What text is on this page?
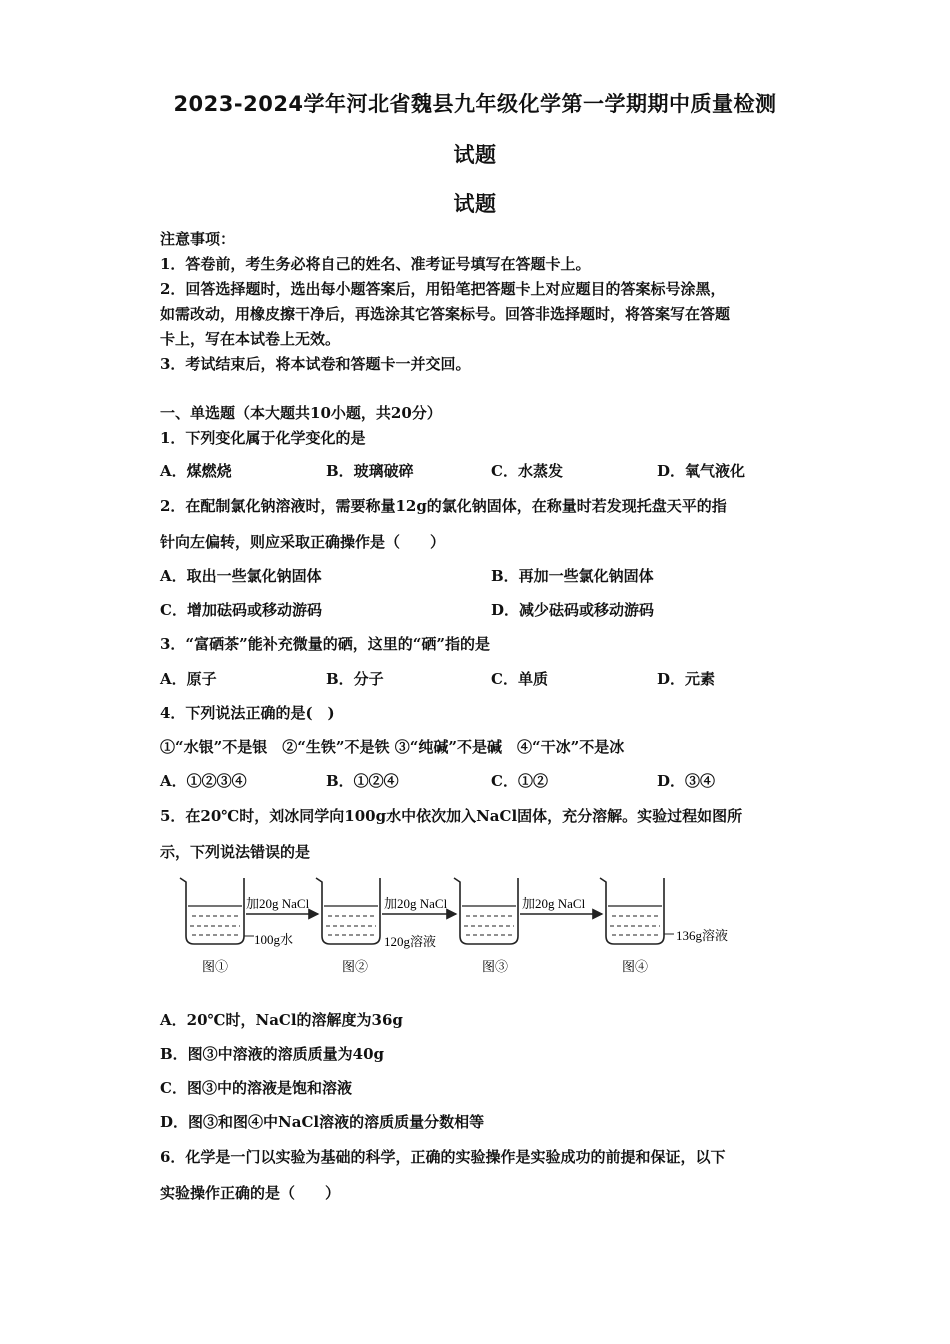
2023-2024学年河北省魏县九年级化学第一学期期中质量检测
试题
试题
注意事项：
1．答卷前，考生务必将自己的姓名、准考证号填写在答题卡上。
2．回答选择题时，选出每小题答案后，用铅笔把答题卡上对应题目的答案标号涂黑，
如需改动，用橡皮擦干净后，再选涂其它答案标号。回答非选择题时，将答案写在答题
卡上，写在本试卷上无效。
3．考试结束后，将本试卷和答题卡一并交回。
一、单选题（本大题共10小题，共20分）
1．下列变化属于化学变化的是
A．煤燃烧	B．玻璃破碎	C．水蒸发	D．氧气液化
2．在配制氯化钠溶液时，需要称量12g的氯化钠固体，在称量时若发现托盘天平的指
针向左偏转，则应采取正确操作是（　　）
A．取出一些氯化钠固体	B．再加一些氯化钠固体
C．增加砝码或移动游码	D．减少砝码或移动游码
3．“富硒茶”能补充微量的硒，这里的“硒”指的是
A．原子	B．分子	C．单质	D．元素
4．下列说法正确的是(　)
①“水银”不是银　②“生铁”不是铁 ③“纯碱”不是碱　④“干冰”不是冰
A．①②③④	B．①②④	C．①②	D．③④
5．在20℃时，刘冰同学向100g水中依次加入NaCl固体，充分溶解。实验过程如图所
示，下列说法错误的是
100g水
加20g NaCl
120g溶液
加20g NaCl	加20g NaCl
136g溶液
图①	图②	图③	图④
A．20℃时，NaCl的溶解度为36g
B．图③中溶液的溶质质量为40g
C．图③中的溶液是饱和溶液
D．图③和图④中NaCl溶液的溶质质量分数相等
6．化学是一门以实验为基础的科学，正确的实验操作是实验成功的前提和保证，以下
实验操作正确的是（　　）
